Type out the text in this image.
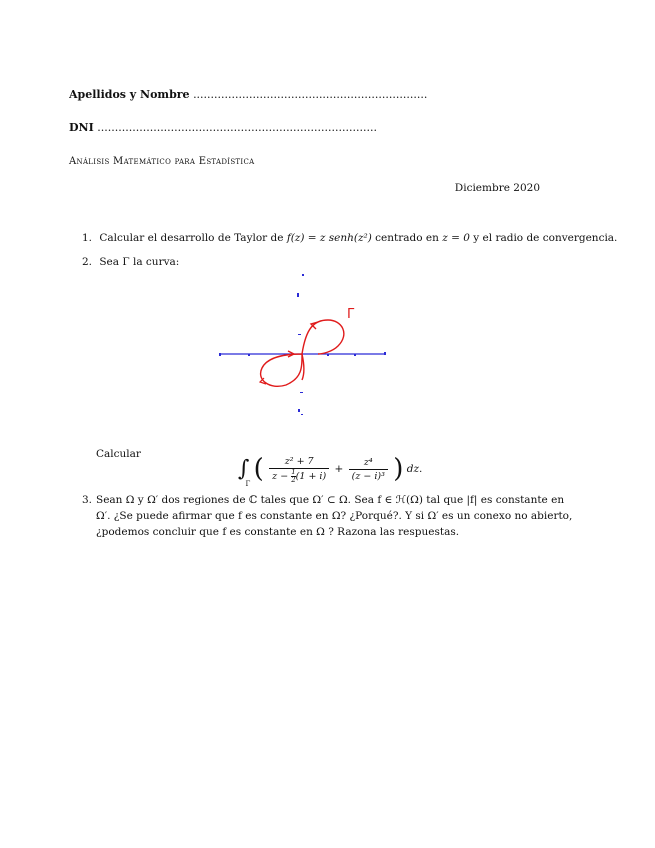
Apellidos y Nombre ...................................................................
DNI ................................................................................
Análisis Matemático para Estadística
Diciembre 2020
1. Calcular el desarrollo de Taylor de f(z) = z senh(z²) centrado en z = 0 y el radio de convergencia.
2. Sea Γ la curva:
Γ
Calcular
$\int_\Gamma$ ( $\frac{\text{z² + 7}}{z - \frac{1}{2} (1 + i)} + \frac{\text{z⁴}}{\text{(z − i)³}}$ ) dz.
3. Sean Ω y Ω′ dos regiones de ℂ tales que Ω′ ⊂ Ω. Sea f ∈ ℋ(Ω) tal que |f| es constante en
Ω′. ¿Se puede afirmar que f es constante en Ω? ¿Porqué?. Y si Ω′ es un conexo no abierto,
¿podemos concluir que f es constante en Ω ? Razona las respuestas.
